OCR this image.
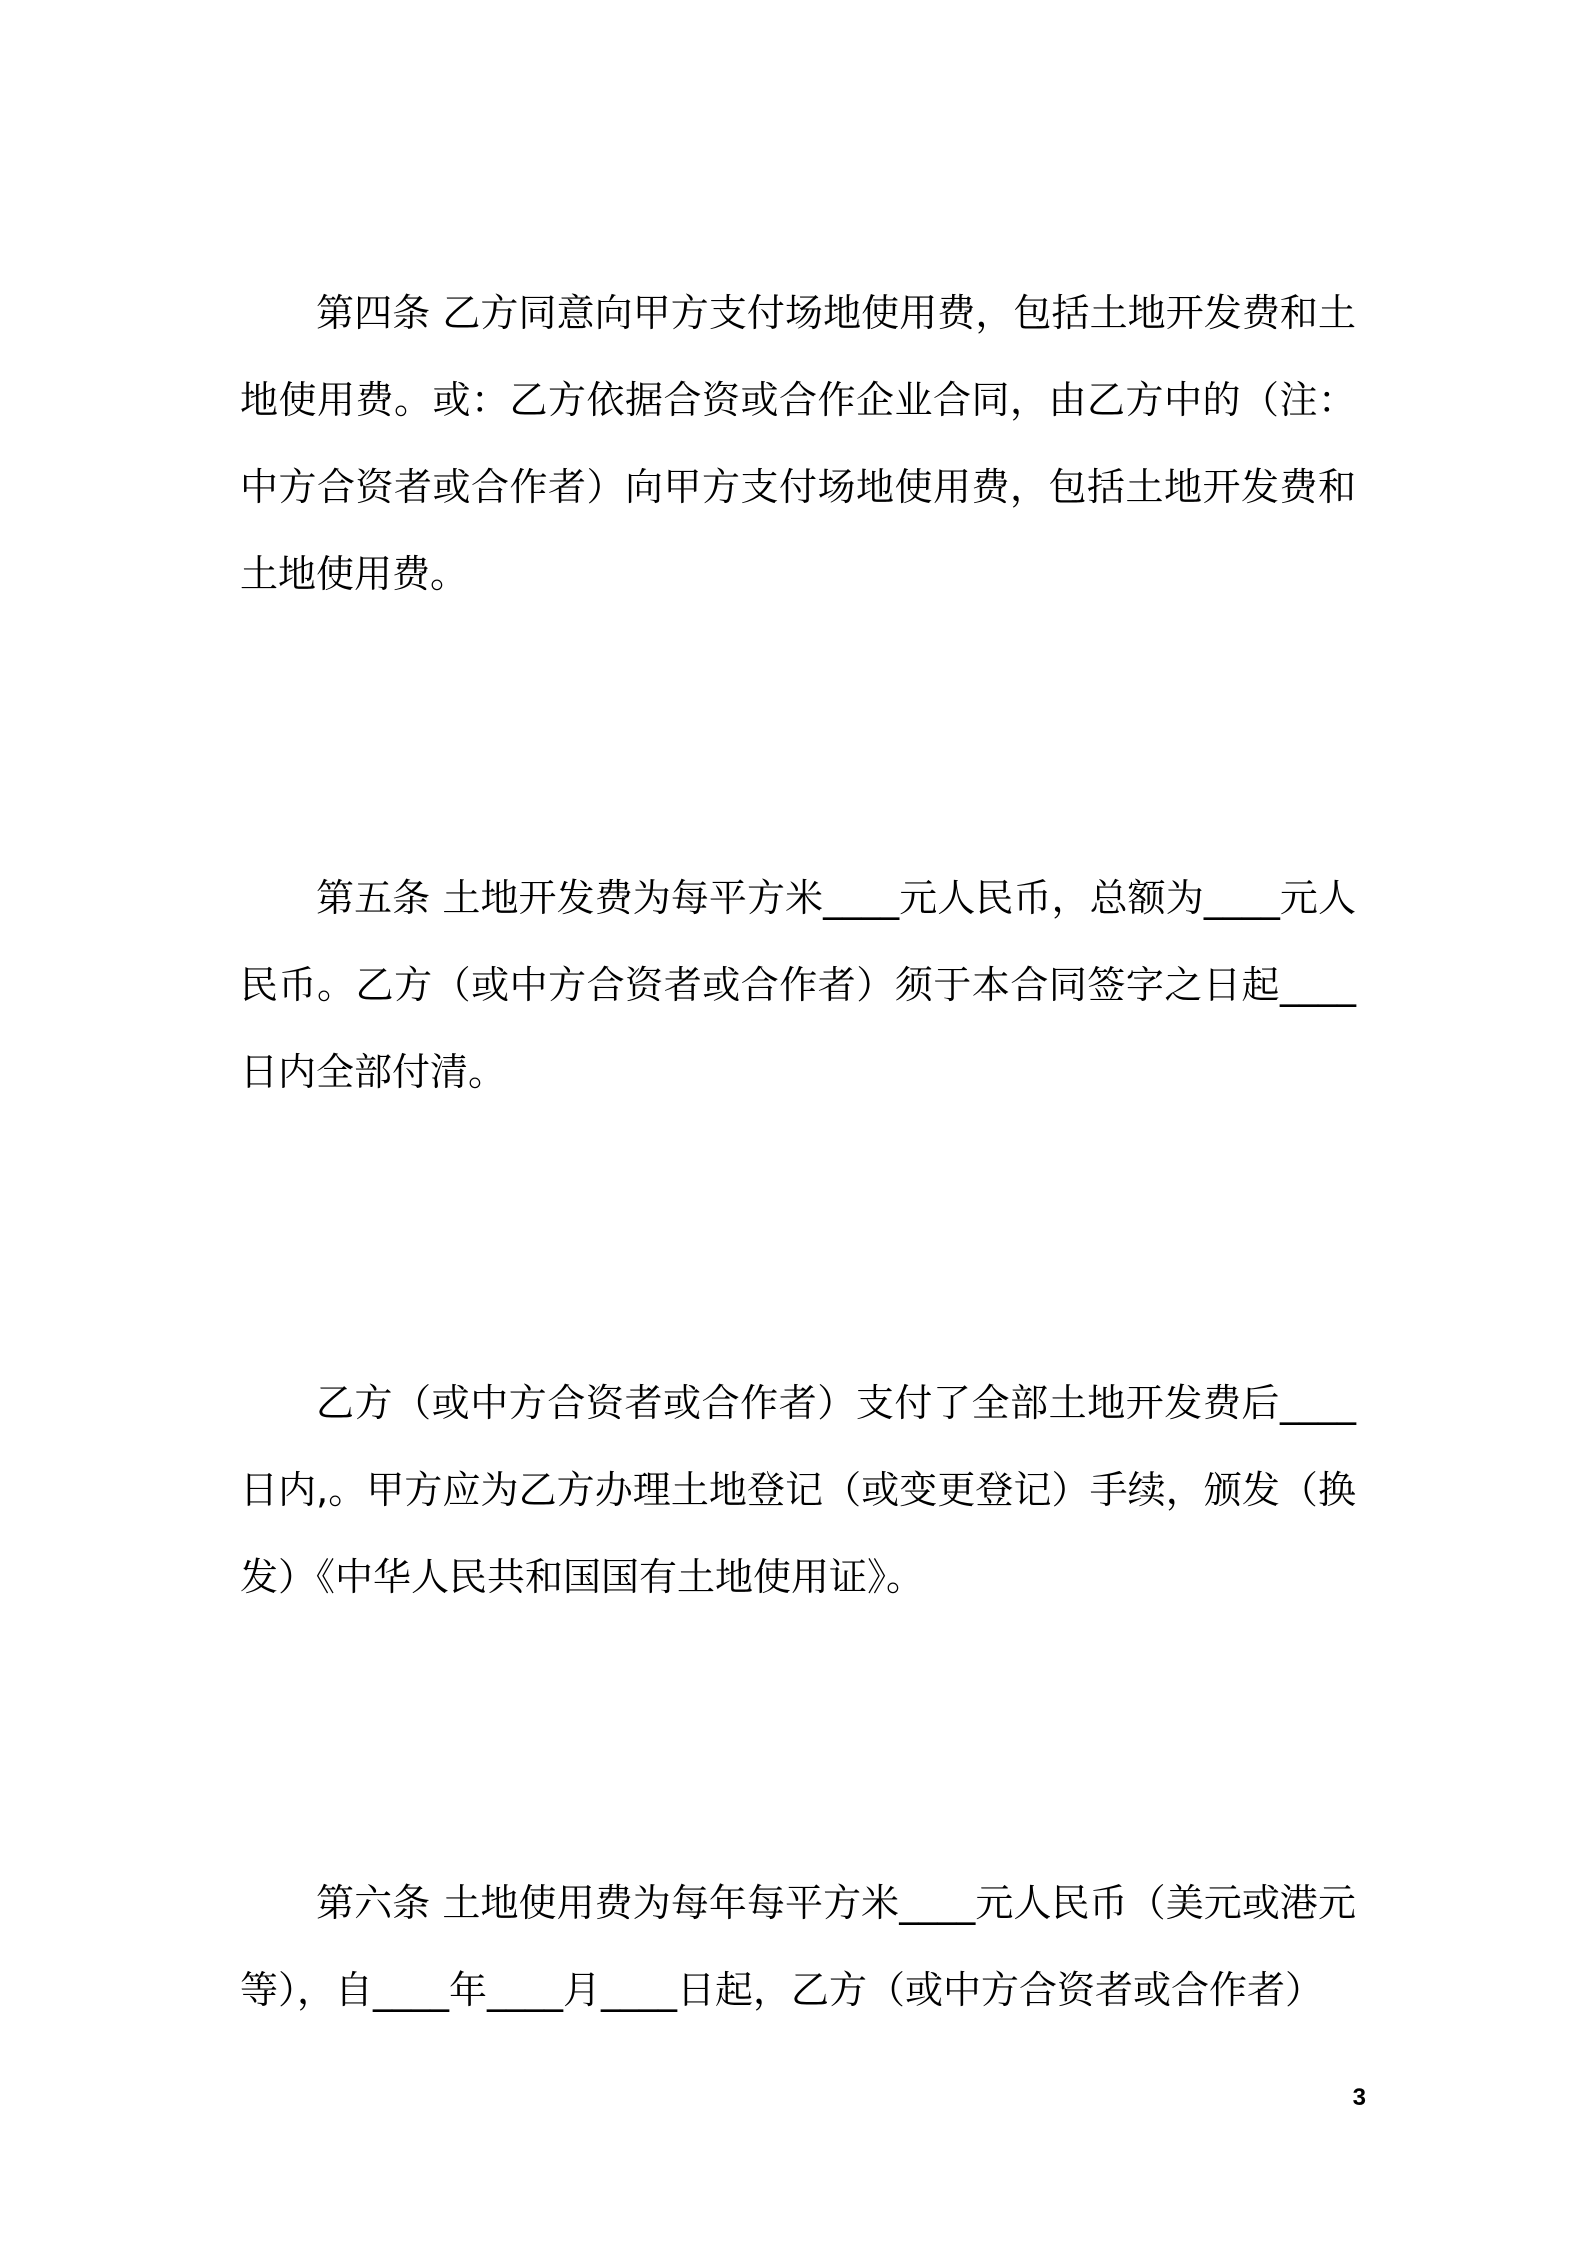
第四条 乙方同意向甲方支付场地使用费，包括土地开发费和土地使用费。或：乙方依据合资或合作企业合同，由乙方中的（注：中方合资者或合作者）向甲方支付场地使用费，包括土地开发费和土地使用费。

第五条 土地开发费为每平方米____元人民币，总额为____元人民币。乙方（或中方合资者或合作者）须于本合同签字之日起____日内全部付清。

乙方（或中方合资者或合作者）支付了全部土地开发费后____日内,。甲方应为乙方办理土地登记（或变更登记）手续，颁发（换发）《中华人民共和国国有土地使用证》。

第六条 土地使用费为每年每平方米____元人民币（美元或港元等），自____年____月____日起，乙方（或中方合资者或合作者）

3
